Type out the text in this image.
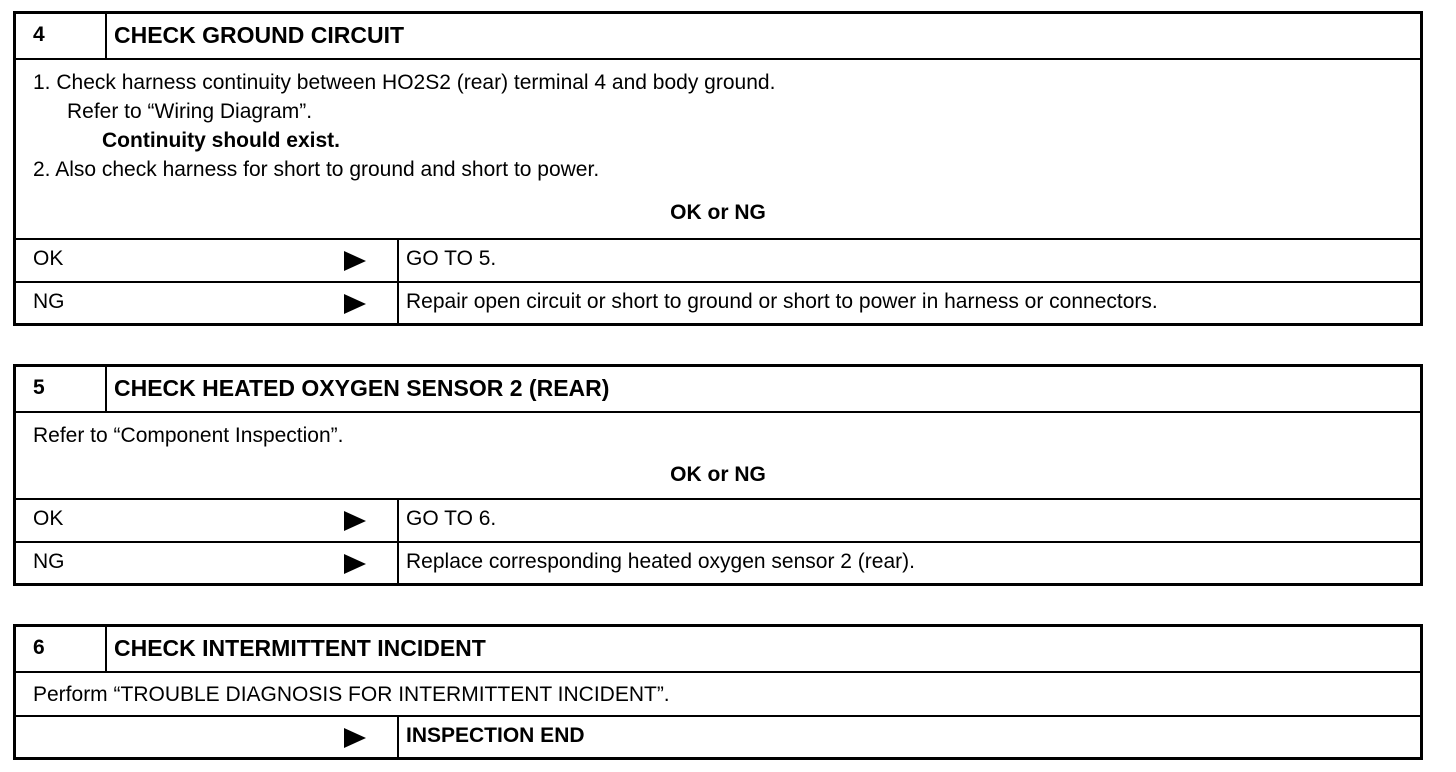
4	CHECK GROUND CIRCUIT
1. Check harness continuity between HO2S2 (rear) terminal 4 and body ground.
Refer to “Wiring Diagram”.
Continuity should exist.
2. Also check harness for short to ground and short to power.
OK or NG
OK	GO TO 5.
NG	Repair open circuit or short to ground or short to power in harness or connectors.
5	CHECK HEATED OXYGEN SENSOR 2 (REAR)
Refer to “Component Inspection”.
OK or NG
OK	GO TO 6.
NG	Replace corresponding heated oxygen sensor 2 (rear).
6	CHECK INTERMITTENT INCIDENT
Perform “TROUBLE DIAGNOSIS FOR INTERMITTENT INCIDENT”.
INSPECTION END
